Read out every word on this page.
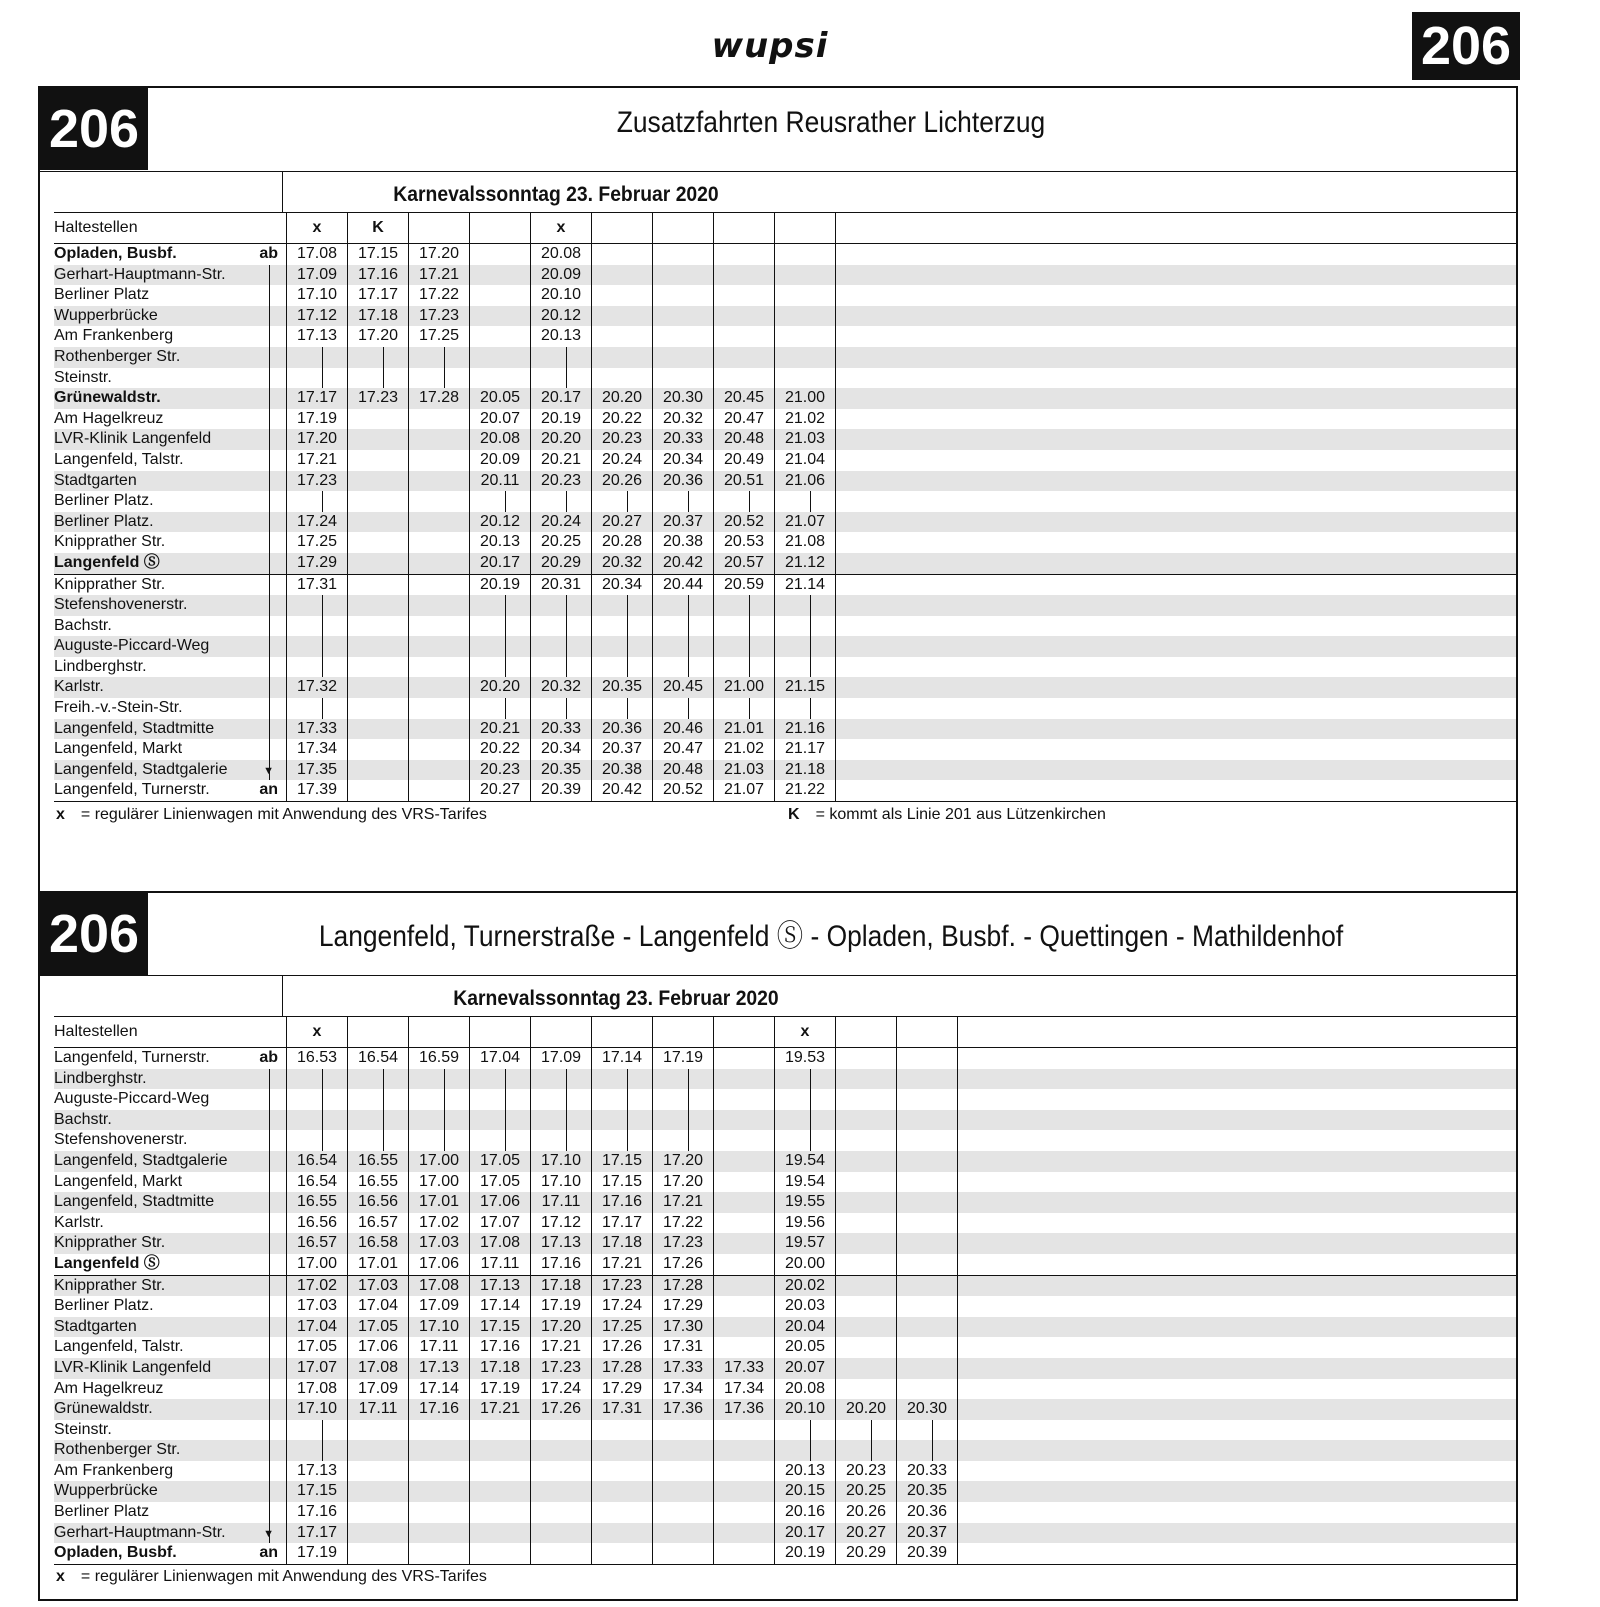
wupsi	206
206	Zusatzfahrten Reusrather Lichterzug
Karnevalssonntag 23. Februar 2020
Haltestellen	x	K			x					
Opladen, Busbf. ab	17.08	17.15	17.20		20.08					
Gerhart-Hauptmann-Str.	17.09	17.16	17.21		20.09					
Berliner Platz	17.10	17.17	17.22		20.10					
Wupperbrücke	17.12	17.18	17.23		20.12					
Am Frankenberg	17.13	17.20	17.25		20.13					
Rothenberger Str.

Steinstr.

Grünewaldstr.	17.17	17.23	17.28	20.05	20.17	20.20	20.30	20.45	21.00	
Am Hagelkreuz	17.19			20.07	20.19	20.22	20.32	20.47	21.02	
LVR-Klinik Langenfeld	17.20			20.08	20.20	20.23	20.33	20.48	21.03	
Langenfeld, Talstr.	17.21			20.09	20.21	20.24	20.34	20.49	21.04	
Stadtgarten	17.23			20.11	20.23	20.26	20.36	20.51	21.06	
Berliner Platz.

Berliner Platz.	17.24			20.12	20.24	20.27	20.37	20.52	21.07	
Knipprather Str.	17.25			20.13	20.25	20.28	20.38	20.53	21.08	
Langenfeld Ⓢ	17.29			20.17	20.29	20.32	20.42	20.57	21.12	
Knipprather Str.	17.31			20.19	20.31	20.34	20.44	20.59	21.14	
Stefenshovenerstr.

Bachstr.

Auguste-Piccard-Weg

Lindberghstr.

Karlstr.	17.32			20.20	20.32	20.35	20.45	21.00	21.15	
Freih.-v.-Stein-Str.

Langenfeld, Stadtmitte	17.33			20.21	20.33	20.36	20.46	21.01	21.16	
Langenfeld, Markt	17.34			20.22	20.34	20.37	20.47	21.02	21.17	
Langenfeld, Stadtgalerie ▼	17.35			20.23	20.35	20.38	20.48	21.03	21.18	
Langenfeld, Turnerstr. an	17.39			20.27	20.39	20.42	20.52	21.07	21.22	
x = regulärer Linienwagen mit Anwendung des VRS-Tarifes	K = kommt als Linie 201 aus Lützenkirchen
206	Langenfeld, Turnerstraße - Langenfeld Ⓢ - Opladen, Busbf. - Quettingen - Mathildenhof
Karnevalssonntag 23. Februar 2020
Haltestellen	x								x			
Langenfeld, Turnerstr. ab	16.53	16.54	16.59	17.04	17.09	17.14	17.19		19.53			
Lindberghstr.

Auguste-Piccard-Weg

Bachstr.

Stefenshovenerstr.

Langenfeld, Stadtgalerie	16.54	16.55	17.00	17.05	17.10	17.15	17.20		19.54			
Langenfeld, Markt	16.54	16.55	17.00	17.05	17.10	17.15	17.20		19.54			
Langenfeld, Stadtmitte	16.55	16.56	17.01	17.06	17.11	17.16	17.21		19.55			
Karlstr.	16.56	16.57	17.02	17.07	17.12	17.17	17.22		19.56			
Knipprather Str.	16.57	16.58	17.03	17.08	17.13	17.18	17.23		19.57			
Langenfeld Ⓢ	17.00	17.01	17.06	17.11	17.16	17.21	17.26		20.00			
Knipprather Str.	17.02	17.03	17.08	17.13	17.18	17.23	17.28		20.02			
Berliner Platz.	17.03	17.04	17.09	17.14	17.19	17.24	17.29		20.03			
Stadtgarten	17.04	17.05	17.10	17.15	17.20	17.25	17.30		20.04			
Langenfeld, Talstr.	17.05	17.06	17.11	17.16	17.21	17.26	17.31		20.05			
LVR-Klinik Langenfeld	17.07	17.08	17.13	17.18	17.23	17.28	17.33	17.33	20.07			
Am Hagelkreuz	17.08	17.09	17.14	17.19	17.24	17.29	17.34	17.34	20.08			
Grünewaldstr.	17.10	17.11	17.16	17.21	17.26	17.31	17.36	17.36	20.10	20.20	20.30	
Steinstr.

Rothenberger Str.

Am Frankenberg	17.13								20.13	20.23	20.33	
Wupperbrücke	17.15								20.15	20.25	20.35	
Berliner Platz	17.16								20.16	20.26	20.36	
Gerhart-Hauptmann-Str. ▼	17.17								20.17	20.27	20.37	
Opladen, Busbf. an	17.19								20.19	20.29	20.39	
x = regulärer Linienwagen mit Anwendung des VRS-Tarifes
